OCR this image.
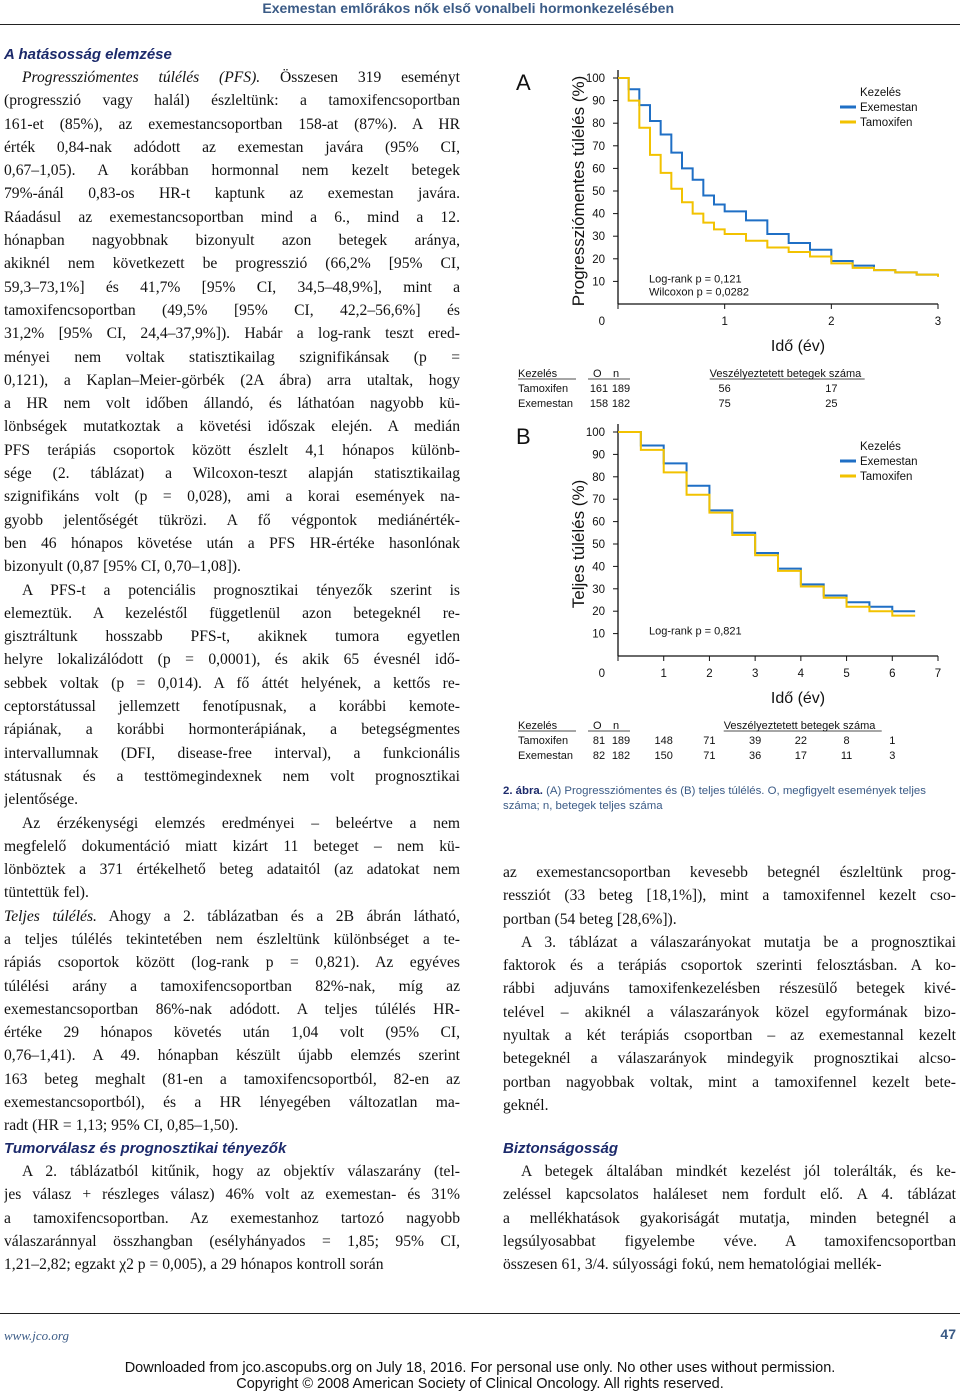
Exemestan emlőrákos nők első vonalbeli hormonkezelésében
A hatásosság elemzése
Progressziómentes túlélés (PFS). Összesen 319 eseményt
(progresszió vagy halál) észleltünk: a tamoxifencsoportban
161-et (85%), az exemestancsoportban 158-at (87%). A HR
érték 0,84-nak adódott az exemestan javára (95% CI,
0,67–1,05). A korábban hormonnal nem kezelt betegek
79%-ánál 0,83-os HR-t kaptunk az exemestan javára.
Ráadásul az exemestancsoportban mind a 6., mind a 12.
hónapban nagyobbnak bizonyult azon betegek aránya,
akiknél nem következett be progresszió (66,2% [95% CI,
59,3–73,1%] és 41,7% [95% CI, 34,5–48,9%], mint a
tamoxifencsoportban (49,5% [95% CI, 42,2–56,6%] és
31,2% [95% CI, 24,4–37,9%]). Habár a log-rank teszt ered-
ményei nem voltak statisztikailag szignifikánsak (p =
0,121), a Kaplan–Meier-görbék (2A ábra) arra utaltak, hogy
a HR nem volt időben állandó, és láthatóan nagyobb kü-
lönbségek mutatkoztak a követési időszak elején. A medián
PFS terápiás csoportok között észlelt 4,1 hónapos különb-
sége (2. táblázat) a Wilcoxon-teszt alapján statisztikailag
szignifikáns volt (p = 0,028), ami a korai események na-
gyobb jelentőségét tükrözi. A fő végpontok mediánérték-
ben 46 hónapos követése után a PFS HR-értéke hasonlónak
bizonyult (0,87 [95% CI, 0,70–1,08]).
A PFS-t a potenciális prognosztikai tényezők szerint is
elemeztük. A kezeléstől függetlenül azon betegeknél re-
gisztráltunk hosszabb PFS-t, akiknek tumora egyetlen
helyre lokalizálódott (p = 0,0001), és akik 65 évesnél idő-
sebbek voltak (p = 0,014). A fő áttét helyének, a kettős re-
ceptorstátussal jellemzett fenotípusnak, a korábbi kemote-
rápiának, a korábbi hormonterápiának, a betegségmentes
intervallumnak (DFI, disease-free interval), a funkcionális
státusnak és a testtömegindexnek nem volt prognosztikai
jelentősége.
Az érzékenységi elemzés eredményei – beleértve a nem
megfelelő dokumentáció miatt kizárt 11 beteget – nem kü-
lönböztek a 371 értékelhető beteg adataitól (az adatokat nem
tüntettük fel).
Teljes túlélés. Ahogy a 2. táblázatban és a 2B ábrán látható,
a teljes túlélés tekintetében nem észleltünk különbséget a te-
rápiás csoportok között (log-rank p = 0,821). Az egyéves
túlélési arány a tamoxifencsoportban 82%-nak, míg az
exemestancsoportban 86%-nak adódott. A teljes túlélés HR-
értéke 29 hónapos követés után 1,04 volt (95% CI,
0,76–1,41). A 49. hónapban készült újabb elemzés szerint
163 beteg meghalt (81-en a tamoxifencsoportból, 82-en az
exemestancsoportból), és a HR lényegében változatlan ma-
radt (HR = 1,13; 95% CI, 0,85–1,50).
Tumorválasz és prognosztikai tényezők
A 2. táblázatból kitűnik, hogy az objektív válaszarány (tel-
jes válasz + részleges válasz) 46% volt az exemestan- és 31%
a tamoxifencsoportban. Az exemestanhoz tartozó nagyobb
válaszaránnyal összhangban (esélyhányados = 1,85; 95% CI,
1,21–2,82; egzakt χ2 p = 0,005), a 29 hónapos kontroll során
A Progressziómentes túlélés (%)
100
90
80
70
60
50
40
30
20
10
0	1	2	3
Idő (év)
Kezelés
Exemestan
Tamoxifen
Log-rank p = 0,121
Wilcoxon p = 0,0282
Kezelés	O n	Veszélyeztetett betegek száma
Tamoxifen 161 189	56	17
Exemestan 158 182	75	25
B
Teljes túlélés (%)
100
90
80
70
60
50
40
30
20
10
0	1	2	3	4	5	6	7
Idő (év)
Kezelés
Exemestan
Tamoxifen
Log-rank p = 0,821
Kezelés	O n	Veszélyeztetett betegek száma
Tamoxifen 81 189 148	71	39	22	8	1
Exemestan 82 182 150	71	36	17	11	3
2. ábra. (A) Progressziómentes és (B) teljes túlélés. O, megfigyelt események teljes száma; n, betegek teljes száma
az exemestancsoportban kevesebb betegnél észleltünk prog-
ressziót (33 beteg [18,1%]), mint a tamoxifennel kezelt cso-
portban (54 beteg [28,6%]).
A 3. táblázat a válaszarányokat mutatja be a prognosztikai
faktorok és a terápiás csoportok szerinti felosztásban. A ko-
rábbi adjuváns tamoxifenkezelésben részesülő betegek kivé-
telével – akiknél a válaszarányok közel egyformának bizo-
nyultak a két terápiás csoportban – az exemestannal kezelt
betegeknél a válaszarányok mindegyik prognosztikai alcso-
portban nagyobbak voltak, mint a tamoxifennel kezelt bete-
geknél.
Biztonságosság
A betegek általában mindkét kezelést jól tolerálták, és ke-
zeléssel kapcsolatos haláleset nem fordult elő. A 4. táblázat
a mellékhatások gyakoriságát mutatja, minden betegnél a
legsúlyosabbat figyelembe véve. A tamoxifencsoportban
összesen 61, 3/4. súlyossági fokú, nem hematológiai mellék-
www.jco.org	47
Downloaded from jco.ascopubs.org on July 18, 2016. For personal use only. No other uses without permission.
Copyright © 2008 American Society of Clinical Oncology. All rights reserved.
